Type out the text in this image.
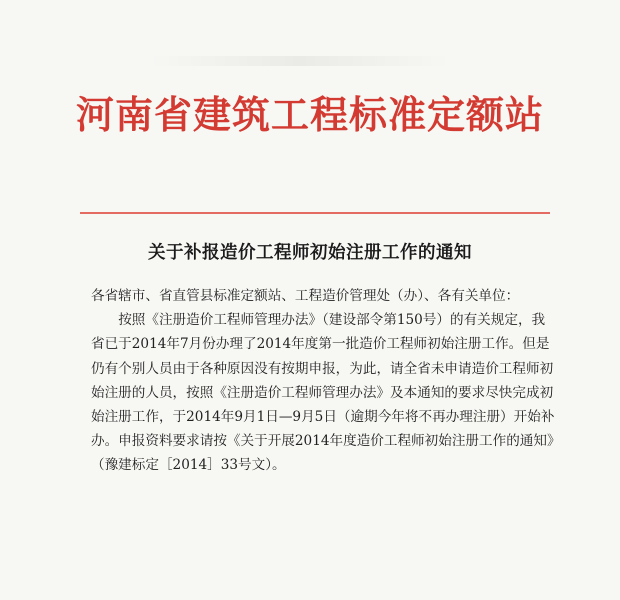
河南省建筑工程标准定额站
关于补报造价工程师初始注册工作的通知

各省辖市、省直管县标准定额站、工程造价管理处（办）、各有关单位：

按照《注册造价工程师管理办法》（建设部令第150号）的有关规定，我省已于2014年7月份办理了2014年度第一批造价工程师初始注册工作。但是仍有个别人员由于各种原因没有按期申报，为此，请全省未申请造价工程师初始注册的人员，按照《注册造价工程师管理办法》及本通知的要求尽快完成初始注册工作，于2014年9月1日—9月5日（逾期今年将不再办理注册）开始补办。申报资料要求请按《关于开展2014年度造价工程师初始注册工作的通知》（豫建标定［2014］33号文）。
